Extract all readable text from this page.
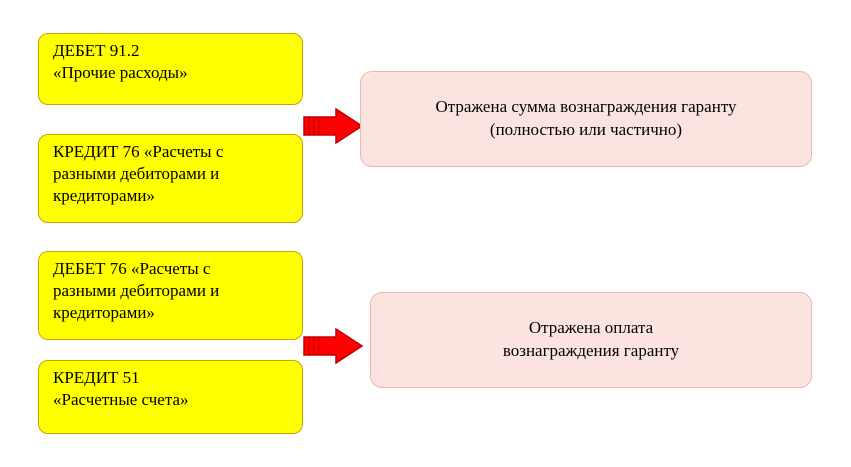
ДЕБЕТ 91.2
«Прочие расходы»
КРЕДИТ 76 «Расчеты с
разными дебиторами и
кредиторами»
Отражена сумма вознаграждения гаранту
(полностью или частично)
ДЕБЕТ 76 «Расчеты с
разными дебиторами и
кредиторами»
КРЕДИТ 51
«Расчетные счета»
Отражена оплата
вознаграждения гаранту
